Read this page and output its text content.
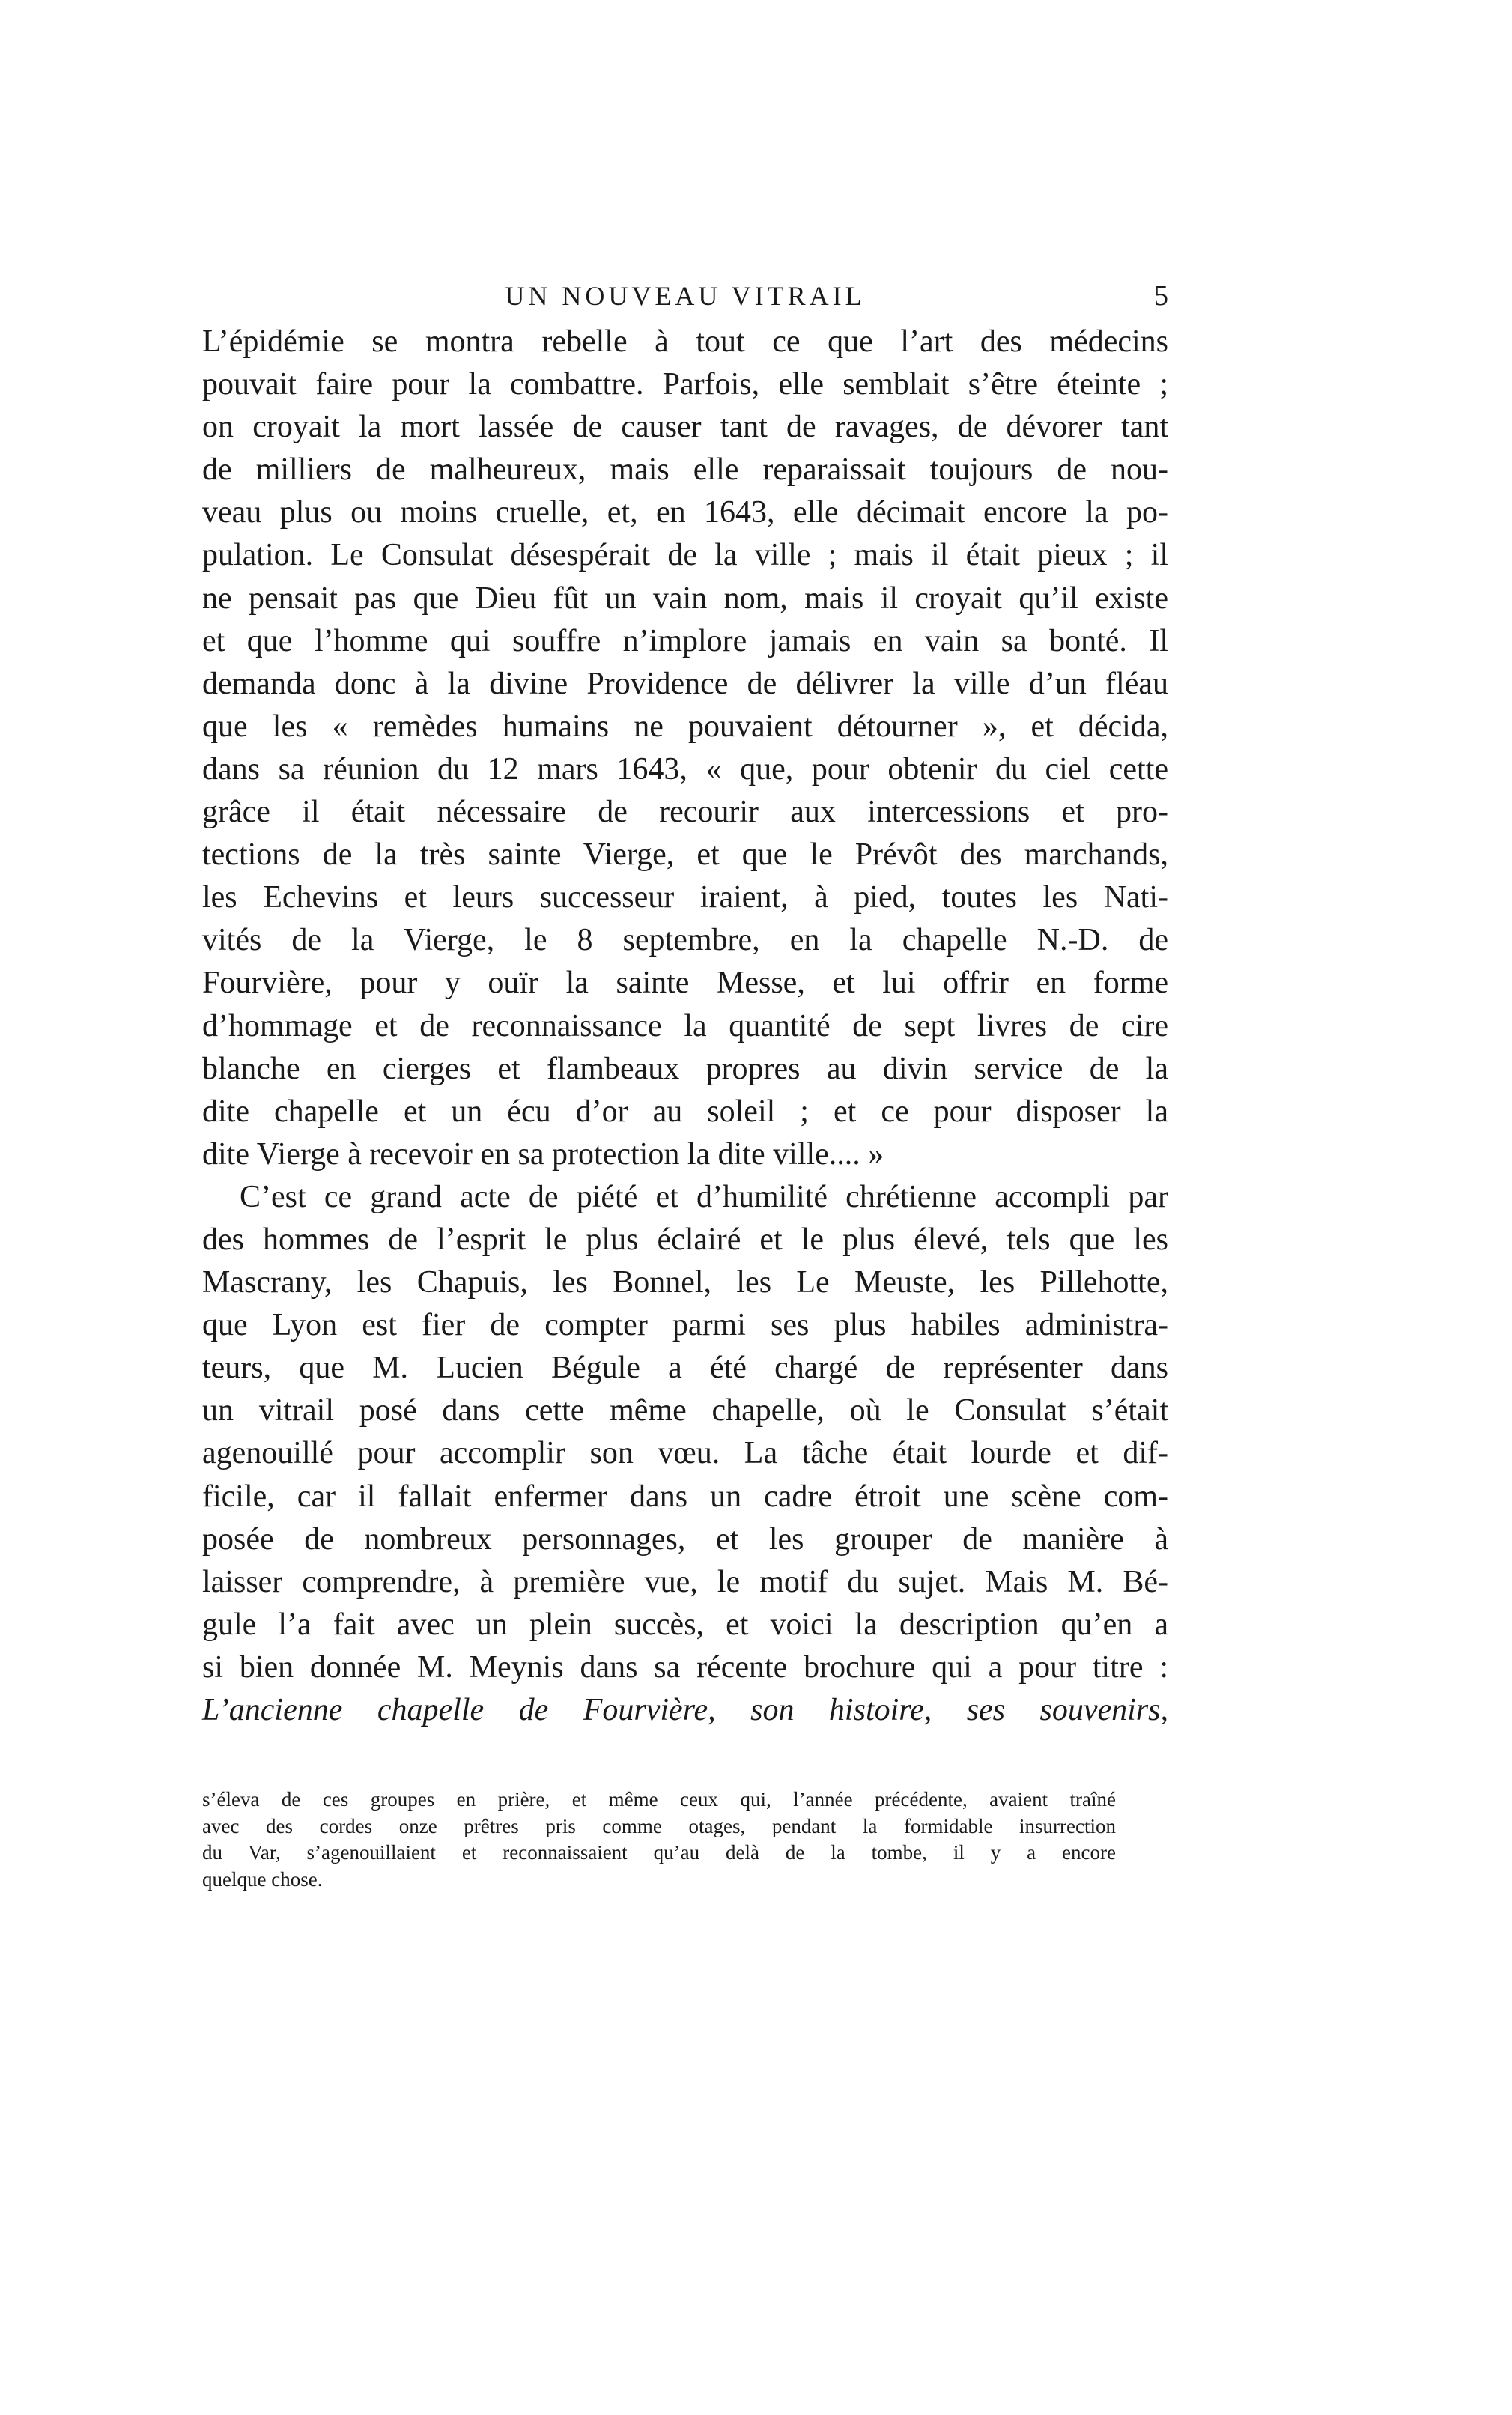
UN NOUVEAU VITRAIL	5
L’épidémie se montra rebelle à tout ce que l’art des médecins
pouvait faire pour la combattre. Parfois, elle semblait s’être éteinte ;
on croyait la mort lassée de causer tant de ravages, de dévorer tant
de milliers de malheureux, mais elle reparaissait toujours de nou-
veau plus ou moins cruelle, et, en 1643, elle décimait encore la po-
pulation. Le Consulat désespérait de la ville ; mais il était pieux ; il
ne pensait pas que Dieu fût un vain nom, mais il croyait qu’il existe
et que l’homme qui souffre n’implore jamais en vain sa bonté. Il
demanda donc à la divine Providence de délivrer la ville d’un fléau
que les « remèdes humains ne pouvaient détourner », et décida,
dans sa réunion du 12 mars 1643, « que, pour obtenir du ciel cette
grâce il était nécessaire de recourir aux intercessions et pro-
tections de la très sainte Vierge, et que le Prévôt des marchands,
les Echevins et leurs successeur iraient, à pied, toutes les Nati-
vités de la Vierge, le 8 septembre, en la chapelle N.-D. de
Fourvière, pour y ouïr la sainte Messe, et lui offrir en forme
d’hommage et de reconnaissance la quantité de sept livres de cire
blanche en cierges et flambeaux propres au divin service de la
dite chapelle et un écu d’or au soleil ; et ce pour disposer la
dite Vierge à recevoir en sa protection la dite ville.... »
C’est ce grand acte de piété et d’humilité chrétienne accompli par
des hommes de l’esprit le plus éclairé et le plus élevé, tels que les
Mascrany, les Chapuis, les Bonnel, les Le Meuste, les Pillehotte,
que Lyon est fier de compter parmi ses plus habiles administra-
teurs, que M. Lucien Bégule a été chargé de représenter dans
un vitrail posé dans cette même chapelle, où le Consulat s’était
agenouillé pour accomplir son vœu. La tâche était lourde et dif-
ficile, car il fallait enfermer dans un cadre étroit une scène com-
posée de nombreux personnages, et les grouper de manière à
laisser comprendre, à première vue, le motif du sujet. Mais M. Bé-
gule l’a fait avec un plein succès, et voici la description qu’en a
si bien donnée M. Meynis dans sa récente brochure qui a pour titre :
L’ancienne chapelle de Fourvière, son histoire, ses souvenirs,
s’éleva de ces groupes en prière, et même ceux qui, l’année précédente, avaient traîné
avec des cordes onze prêtres pris comme otages, pendant la formidable insurrection
du Var, s’agenouillaient et reconnaissaient qu’au delà de la tombe, il y a encore
quelque chose.
